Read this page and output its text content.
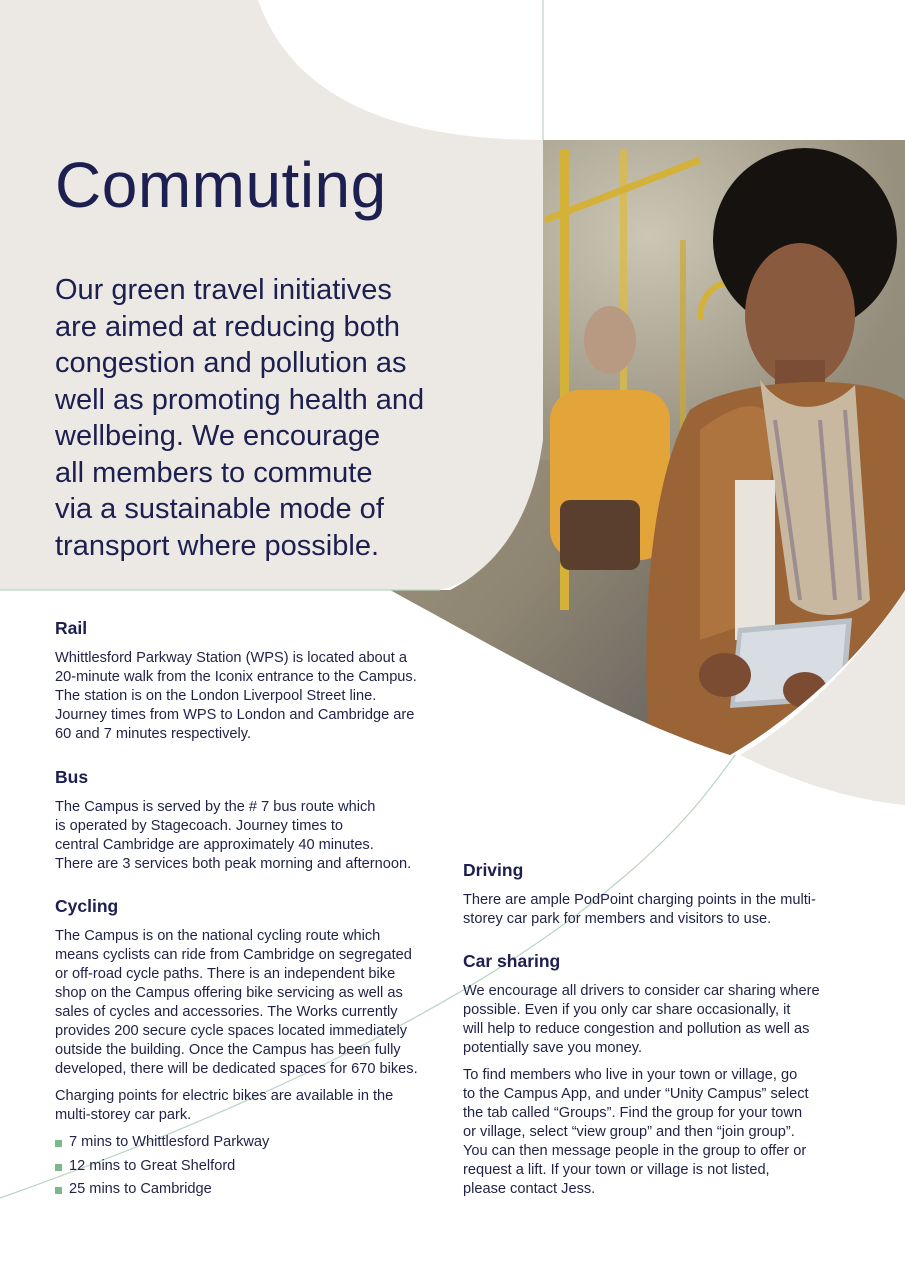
Commuting

Our green travel initiatives
are aimed at reducing both
congestion and pollution as
well as promoting health and
wellbeing. We encourage
all members to commute
via a sustainable mode of
transport where possible.

Rail

Whittlesford Parkway Station (WPS) is located about a
20-minute walk from the Iconix entrance to the Campus.
The station is on the London Liverpool Street line.
Journey times from WPS to London and Cambridge are
60 and 7 minutes respectively.

Bus

The Campus is served by the # 7 bus route which
is operated by Stagecoach. Journey times to
central Cambridge are approximately 40 minutes.
There are 3 services both peak morning and afternoon.

Cycling

The Campus is on the national cycling route which
means cyclists can ride from Cambridge on segregated
or off-road cycle paths. There is an independent bike
shop on the Campus offering bike servicing as well as
sales of cycles and accessories. The Works currently
provides 200 secure cycle spaces located immediately
outside the building. Once the Campus has been fully
developed, there will be dedicated spaces for 670 bikes.

Charging points for electric bikes are available in the
multi-storey car park.

7 mins to Whittlesford Parkway
12 mins to Great Shelford
25 mins to Cambridge
Driving

There are ample PodPoint charging points in the multi-
storey car park for members and visitors to use.

Car sharing

We encourage all drivers to consider car sharing where
possible. Even if you only car share occasionally, it
will help to reduce congestion and pollution as well as
potentially save you money.

To find members who live in your town or village, go
to the Campus App, and under “Unity Campus” select
the tab called “Groups”. Find the group for your town
or village, select “view group” and then “join group”.
You can then message people in the group to offer or
request a lift. If your town or village is not listed,
please contact Jess.
